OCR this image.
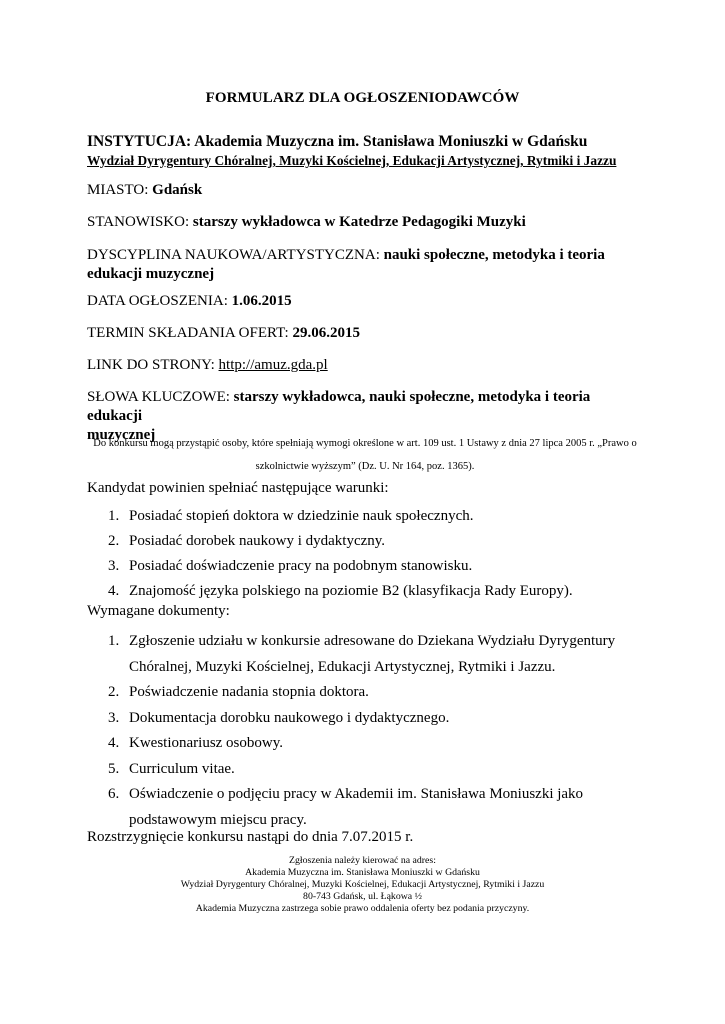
FORMULARZ DLA OGŁOSZENIODAWCÓW
INSTYTUCJA: Akademia Muzyczna im. Stanisława Moniuszki w Gdańsku
Wydział Dyrygentury Chóralnej, Muzyki Kościelnej, Edukacji Artystycznej, Rytmiki i Jazzu
MIASTO: Gdańsk
STANOWISKO: starszy wykładowca w Katedrze Pedagogiki Muzyki
DYSCYPLINA NAUKOWA/ARTYSTYCZNA: nauki społeczne, metodyka i teoria
edukacji muzycznej
DATA OGŁOSZENIA: 1.06.2015
TERMIN SKŁADANIA OFERT: 29.06.2015
LINK DO STRONY: http://amuz.gda.pl
SŁOWA KLUCZOWE: starszy wykładowca, nauki społeczne, metodyka i teoria edukacji
muzycznej
Do konkursu mogą przystąpić osoby, które spełniają wymogi określone w art. 109 ust. 1 Ustawy z dnia 27 lipca 2005 r. „Prawo o
szkolnictwie wyższym” (Dz. U. Nr 164, poz. 1365).
Kandydat powinien spełniać następujące warunki:
1. Posiadać stopień doktora w dziedzinie nauk społecznych.
2. Posiadać dorobek naukowy i dydaktyczny.
3. Posiadać doświadczenie pracy na podobnym stanowisku.
4. Znajomość języka polskiego na poziomie B2 (klasyfikacja Rady Europy).
Wymagane dokumenty:
1. Zgłoszenie udziału w konkursie adresowane do Dziekana Wydziału Dyrygentury
Chóralnej, Muzyki Kościelnej, Edukacji Artystycznej, Rytmiki i Jazzu.
2. Poświadczenie nadania stopnia doktora.
3. Dokumentacja dorobku naukowego i dydaktycznego.
4. Kwestionariusz osobowy.
5. Curriculum vitae.
6. Oświadczenie o podjęciu pracy w Akademii im. Stanisława Moniuszki jako
podstawowym miejscu pracy.
Rozstrzygnięcie konkursu nastąpi do dnia 7.07.2015 r.
Zgłoszenia należy kierować na adres:
Akademia Muzyczna im. Stanisława Moniuszki w Gdańsku
Wydział Dyrygentury Chóralnej, Muzyki Kościelnej, Edukacji Artystycznej, Rytmiki i Jazzu
80-743 Gdańsk, ul. Łąkowa ½
Akademia Muzyczna zastrzega sobie prawo oddalenia oferty bez podania przyczyny.
